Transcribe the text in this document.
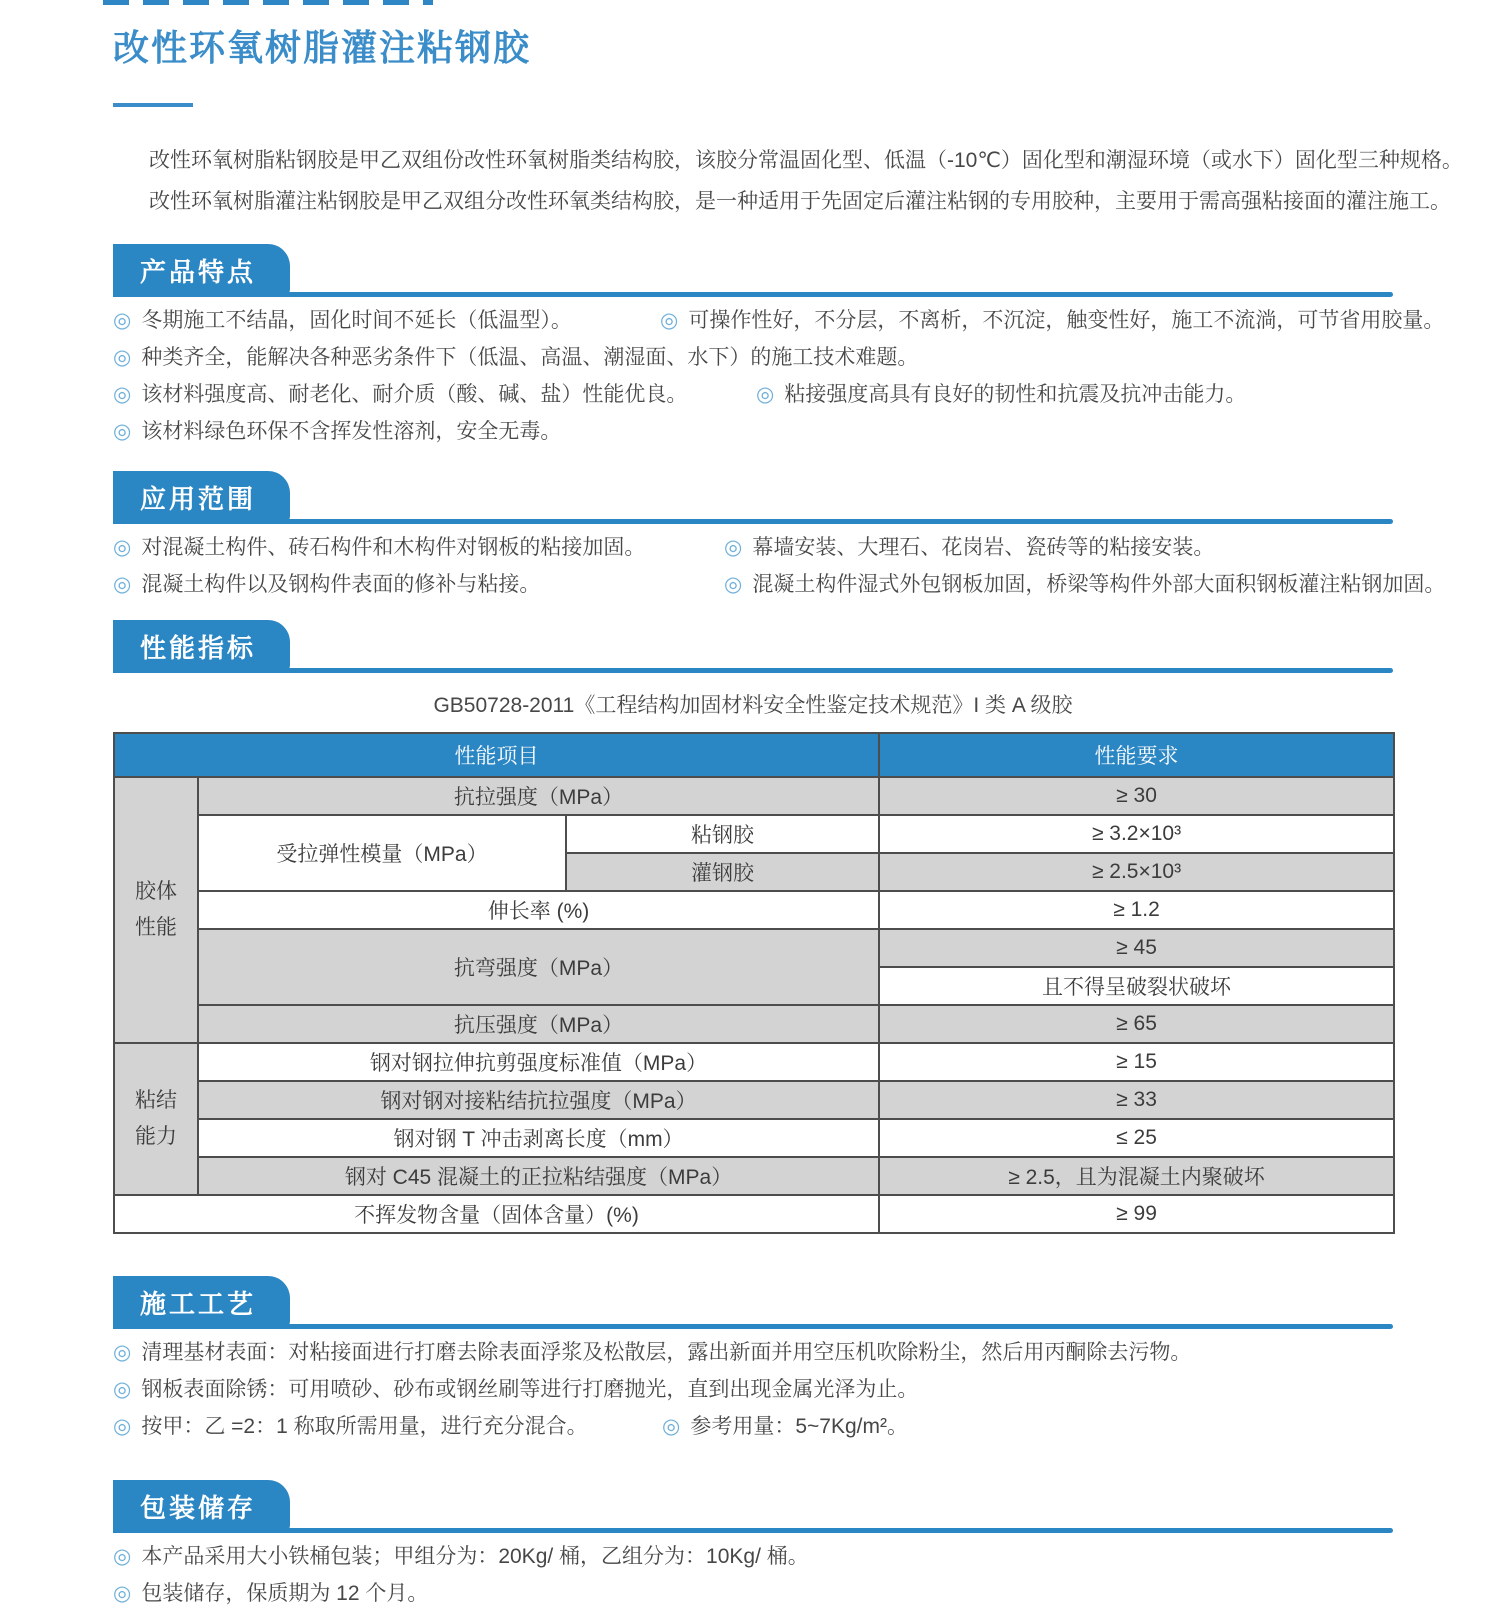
改性环氧树脂灌注粘钢胶

改性环氧树脂粘钢胶是甲乙双组份改性环氧树脂类结构胶，该胶分常温固化型、低温（-10℃）固化型和潮湿环境（或水下）固化型三种规格。

改性环氧树脂灌注粘钢胶是甲乙双组分改性环氧类结构胶，是一种适用于先固定后灌注粘钢的专用胶种，主要用于需高强粘接面的灌注施工。

产品特点
◎ 冬期施工不结晶，固化时间不延长（低温型）。	◎ 可操作性好，不分层，不离析，不沉淀，触变性好，施工不流淌，可节省用胶量。
◎ 种类齐全，能解决各种恶劣条件下（低温、高温、潮湿面、水下）的施工技术难题。
◎ 该材料强度高、耐老化、耐介质（酸、碱、盐）性能优良。	◎ 粘接强度高具有良好的韧性和抗震及抗冲击能力。
◎ 该材料绿色环保不含挥发性溶剂，安全无毒。
应用范围
◎ 对混凝土构件、砖石构件和木构件对钢板的粘接加固。	◎ 幕墙安装、大理石、花岗岩、瓷砖等的粘接安装。
◎ 混凝土构件以及钢构件表面的修补与粘接。	◎ 混凝土构件湿式外包钢板加固，桥梁等构件外部大面积钢板灌注粘钢加固。
性能指标
GB50728-2011《工程结构加固材料安全性鉴定技术规范》I 类 A 级胶
性能项目			性能要求
胶体性能	抗拉强度（MPa）		≥ 30
	受拉弹性模量（MPa）	粘钢胶	≥ 3.2×10³
		灌钢胶	≥ 2.5×10³
	伸长率 (%)		≥ 1.2
	抗弯强度（MPa）		≥ 45
			且不得呈破裂状破坏
	抗压强度（MPa）		≥ 65
粘结能力	钢对钢拉伸抗剪强度标准值（MPa）		≥ 15
	钢对钢对接粘结抗拉强度（MPa）		≥ 33
	钢对钢 T 冲击剥离长度（mm）		≤ 25
	钢对 C45 混凝土的正拉粘结强度（MPa）		≥ 2.5，且为混凝土内聚破坏
不挥发物含量（固体含量）(%)			≥ 99
施工工艺
◎ 清理基材表面：对粘接面进行打磨去除表面浮浆及松散层，露出新面并用空压机吹除粉尘，然后用丙酮除去污物。
◎ 钢板表面除锈：可用喷砂、砂布或钢丝刷等进行打磨抛光，直到出现金属光泽为止。
◎ 按甲：乙 =2：1 称取所需用量，进行充分混合。	◎ 参考用量：5~7Kg/m²。
包装储存
◎ 本产品采用大小铁桶包装；甲组分为：20Kg/ 桶，乙组分为：10Kg/ 桶。
◎ 包装储存，保质期为 12 个月。
